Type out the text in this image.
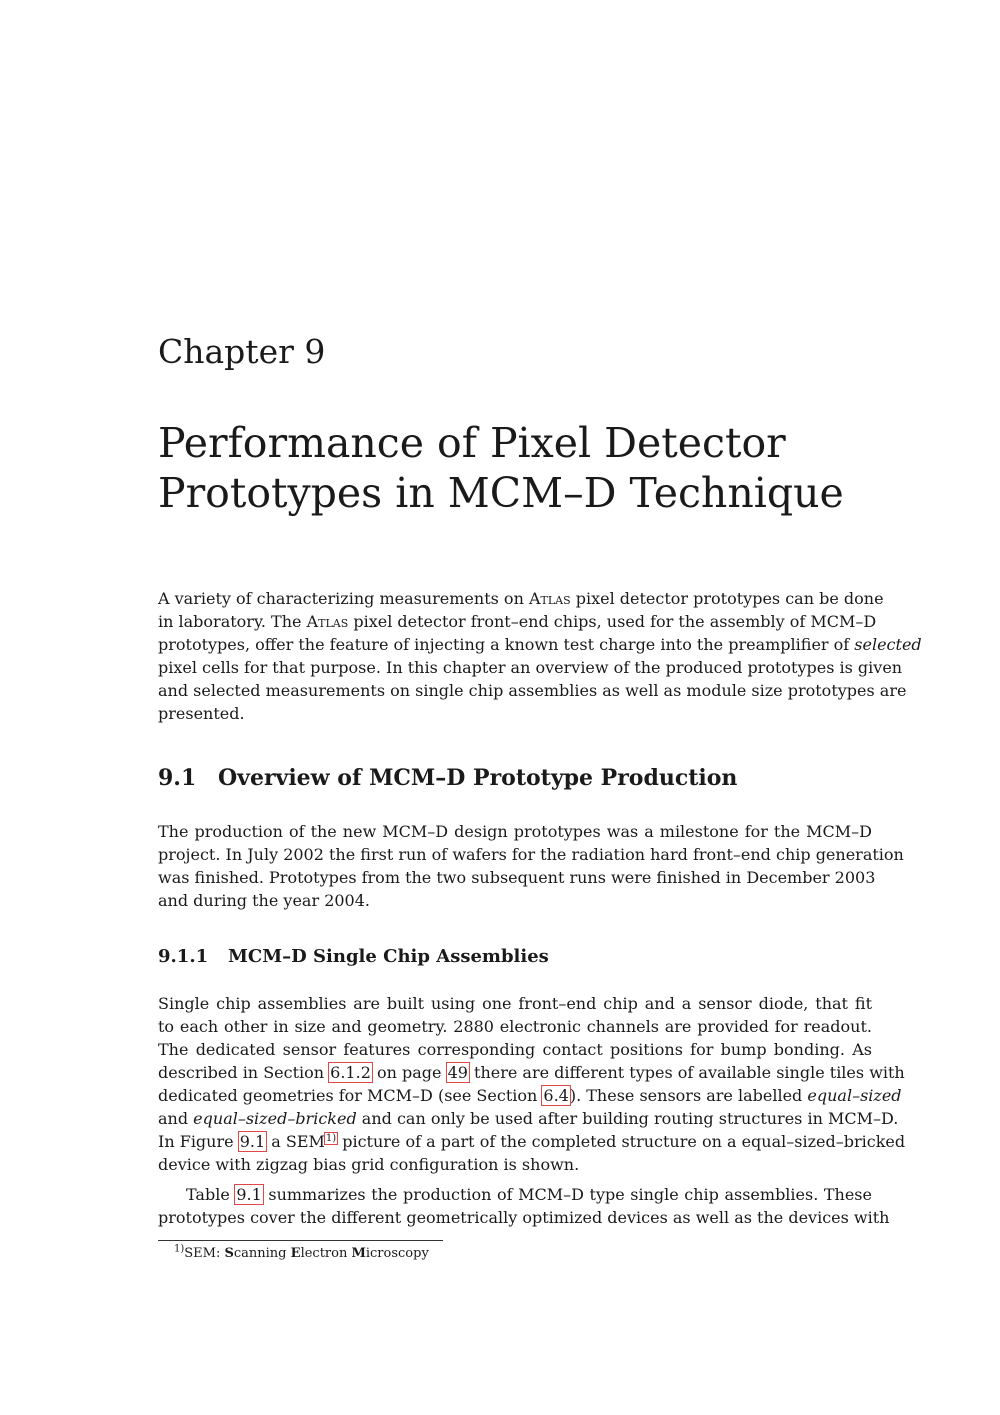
Chapter 9
Performance of Pixel Detector
Prototypes in MCM–D Technique

A variety of characterizing measurements on Atlas pixel detector prototypes can be done
in laboratory. The Atlas pixel detector front–end chips, used for the assembly of MCM–D
prototypes, offer the feature of injecting a known test charge into the preamplifier of selected
pixel cells for that purpose. In this chapter an overview of the produced prototypes is given
and selected measurements on single chip assemblies as well as module size prototypes are
presented.

9.1 Overview of MCM–D Prototype Production

The production of the new MCM–D design prototypes was a milestone for the MCM–D
project. In July 2002 the first run of wafers for the radiation hard front–end chip generation
was finished. Prototypes from the two subsequent runs were finished in December 2003
and during the year 2004.

9.1.1 MCM–D Single Chip Assemblies

Single chip assemblies are built using one front–end chip and a sensor diode, that fit
to each other in size and geometry. 2880 electronic channels are provided for readout.
The dedicated sensor features corresponding contact positions for bump bonding. As
described in Section 6.1.2 on page 49 there are different types of available single tiles with
dedicated geometries for MCM–D (see Section 6.4). These sensors are labelled equal–sized
and equal–sized–bricked and can only be used after building routing structures in MCM–D.
In Figure 9.1 a SEM$^{1)}$ picture of a part of the completed structure on a equal–sized–bricked
device with zigzag bias grid configuration is shown.

Table 9.1 summarizes the production of MCM–D type single chip assemblies. These
prototypes cover the different geometrically optimized devices as well as the devices with

$^{1)}$SEM: Scanning Electron Microscopy
